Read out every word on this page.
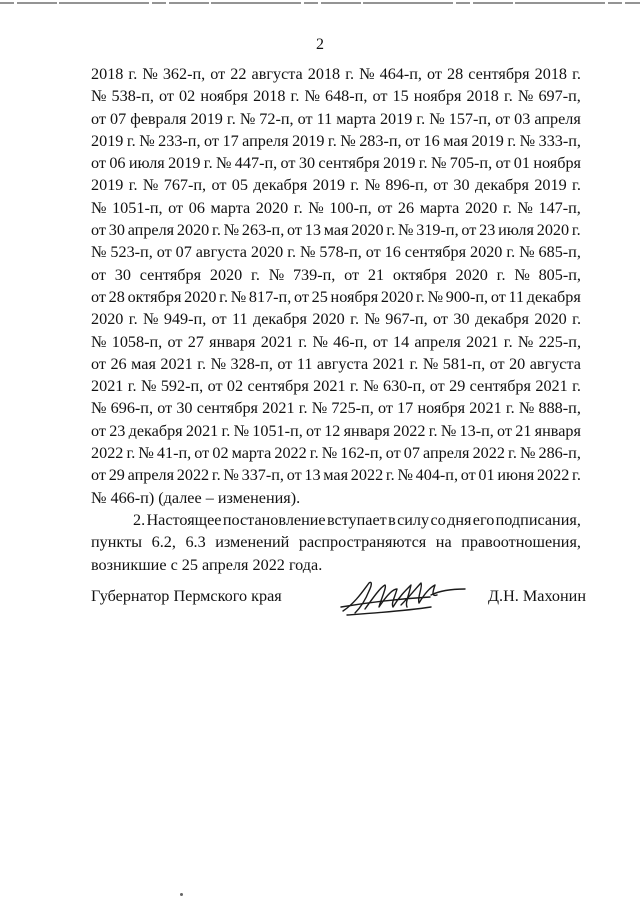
2
2018 г. № 362-п, от 22 августа 2018 г. № 464-п, от 28 сентября 2018 г.
№ 538-п, от 02 ноября 2018 г. № 648-п, от 15 ноября 2018 г. № 697-п,
от 07 февраля 2019 г. № 72-п, от 11 марта 2019 г. № 157-п, от 03 апреля
2019 г. № 233-п, от 17 апреля 2019 г. № 283-п, от 16 мая 2019 г. № 333-п,
от 06 июля 2019 г. № 447-п, от 30 сентября 2019 г. № 705-п, от 01 ноября
2019 г. № 767-п, от 05 декабря 2019 г. № 896-п, от 30 декабря 2019 г.
№ 1051-п, от 06 марта 2020 г. № 100-п, от 26 марта 2020 г. № 147-п,
от 30 апреля 2020 г. № 263-п, от 13 мая 2020 г. № 319-п, от 23 июля 2020 г.
№ 523-п, от 07 августа 2020 г. № 578-п, от 16 сентября 2020 г. № 685-п,
от 30 сентября 2020 г. № 739-п, от 21 октября 2020 г. № 805-п,
от 28 октября 2020 г. № 817-п, от 25 ноября 2020 г. № 900-п, от 11 декабря
2020 г. № 949-п, от 11 декабря 2020 г. № 967-п, от 30 декабря 2020 г.
№ 1058-п, от 27 января 2021 г. № 46-п, от 14 апреля 2021 г. № 225-п,
от 26 мая 2021 г. № 328-п, от 11 августа 2021 г. № 581-п, от 20 августа
2021 г. № 592-п, от 02 сентября 2021 г. № 630-п, от 29 сентября 2021 г.
№ 696-п, от 30 сентября 2021 г. № 725-п, от 17 ноября 2021 г. № 888-п,
от 23 декабря 2021 г. № 1051-п, от 12 января 2022 г. № 13-п, от 21 января
2022 г. № 41-п, от 02 марта 2022 г. № 162-п, от 07 апреля 2022 г. № 286-п,
от 29 апреля 2022 г. № 337-п, от 13 мая 2022 г. № 404-п, от 01 июня 2022 г.
№ 466-п) (далее – изменения).
2. Настоящее постановление вступает в силу со дня его подписания,
пункты 6.2, 6.3 изменений распространяются на правоотношения,
возникшие с 25 апреля 2022 года.
Губернатор Пермского края	Д.Н. Махонин
